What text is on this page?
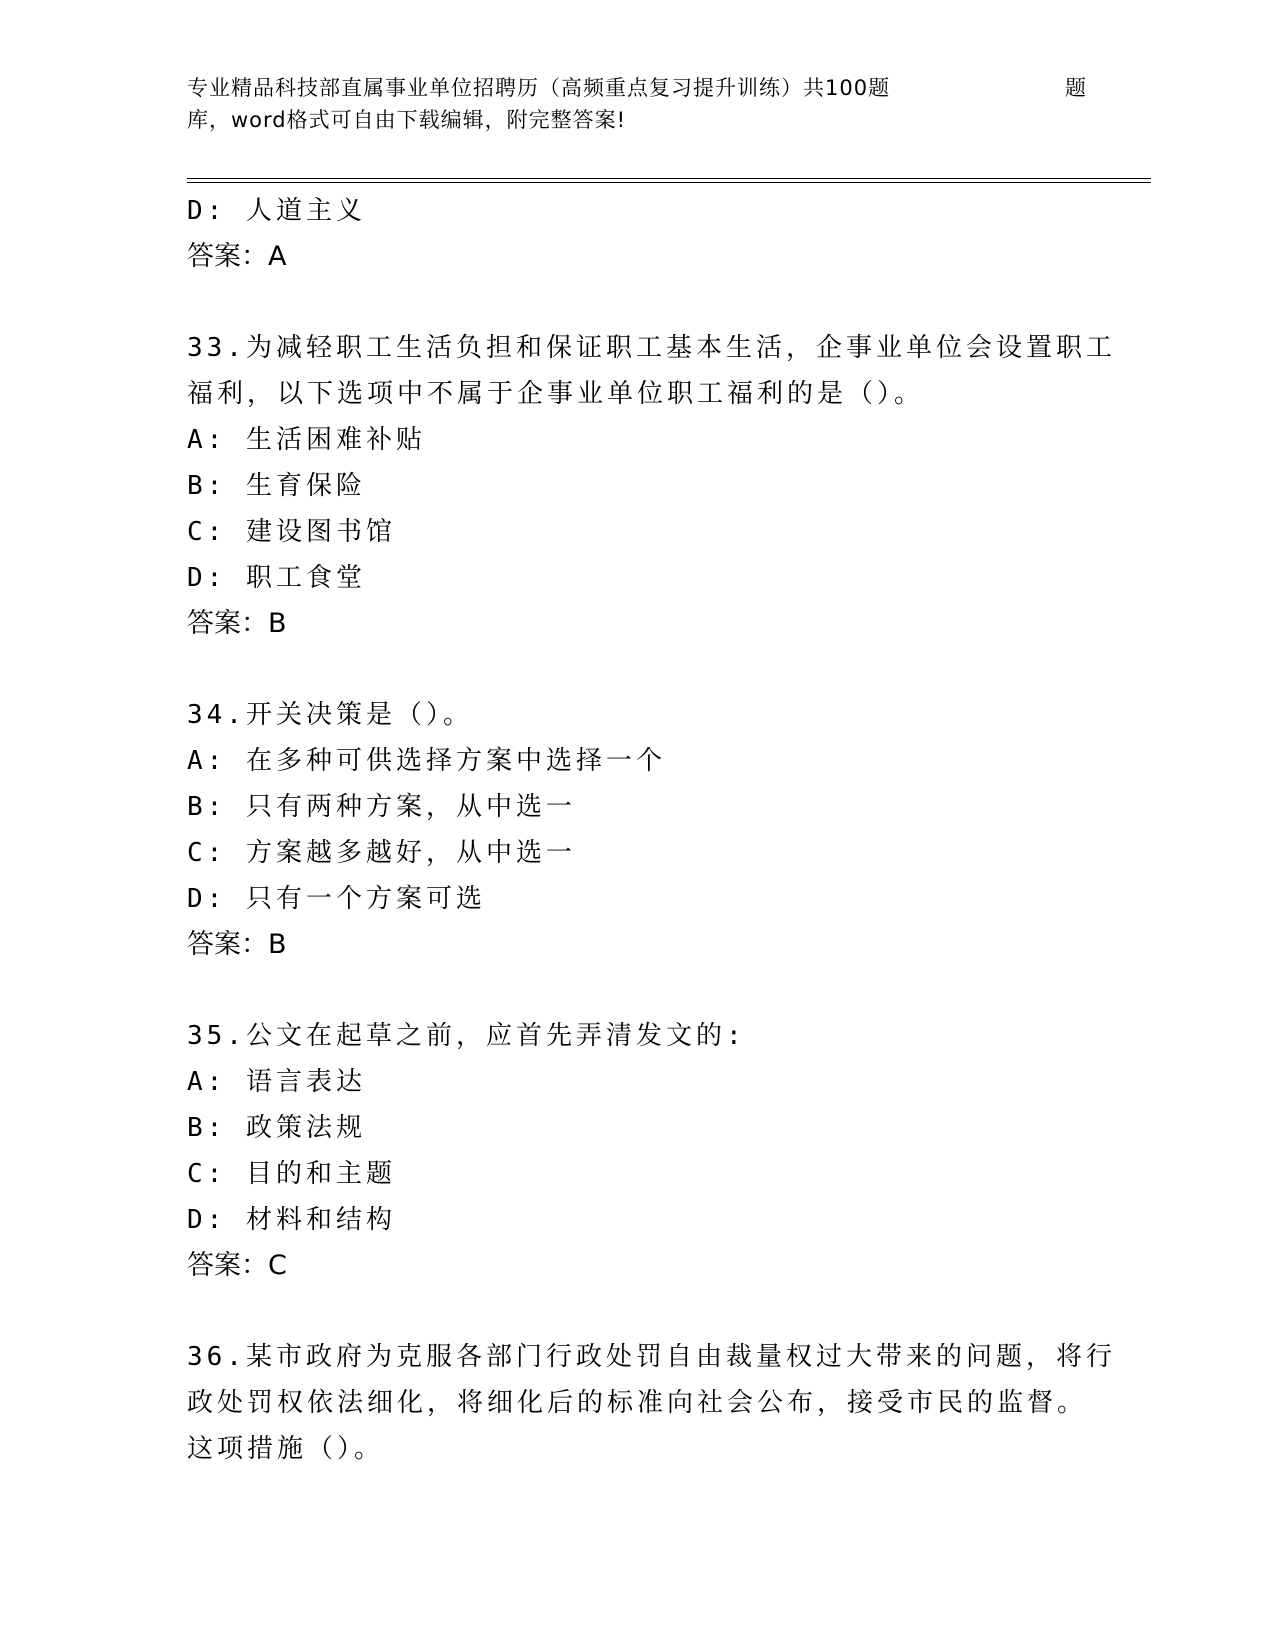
专业精品科技部直属事业单位招聘历（高频重点复习提升训练）共100题	题
库，word格式可自由下载编辑，附完整答案!
D: 人道主义
答案：A
33.为减轻职工生活负担和保证职工基本生活，企事业单位会设置职工
福利，以下选项中不属于企事业单位职工福利的是（）。
A: 生活困难补贴
B: 生育保险
C: 建设图书馆
D: 职工食堂
答案：B
34.开关决策是（）。
A: 在多种可供选择方案中选择一个
B: 只有两种方案，从中选一
C: 方案越多越好，从中选一
D: 只有一个方案可选
答案：B
35.公文在起草之前，应首先弄清发文的:
A: 语言表达
B: 政策法规
C: 目的和主题
D: 材料和结构
答案：C
36.某市政府为克服各部门行政处罚自由裁量权过大带来的问题，将行
政处罚权依法细化，将细化后的标准向社会公布，接受市民的监督。
这项措施（）。
